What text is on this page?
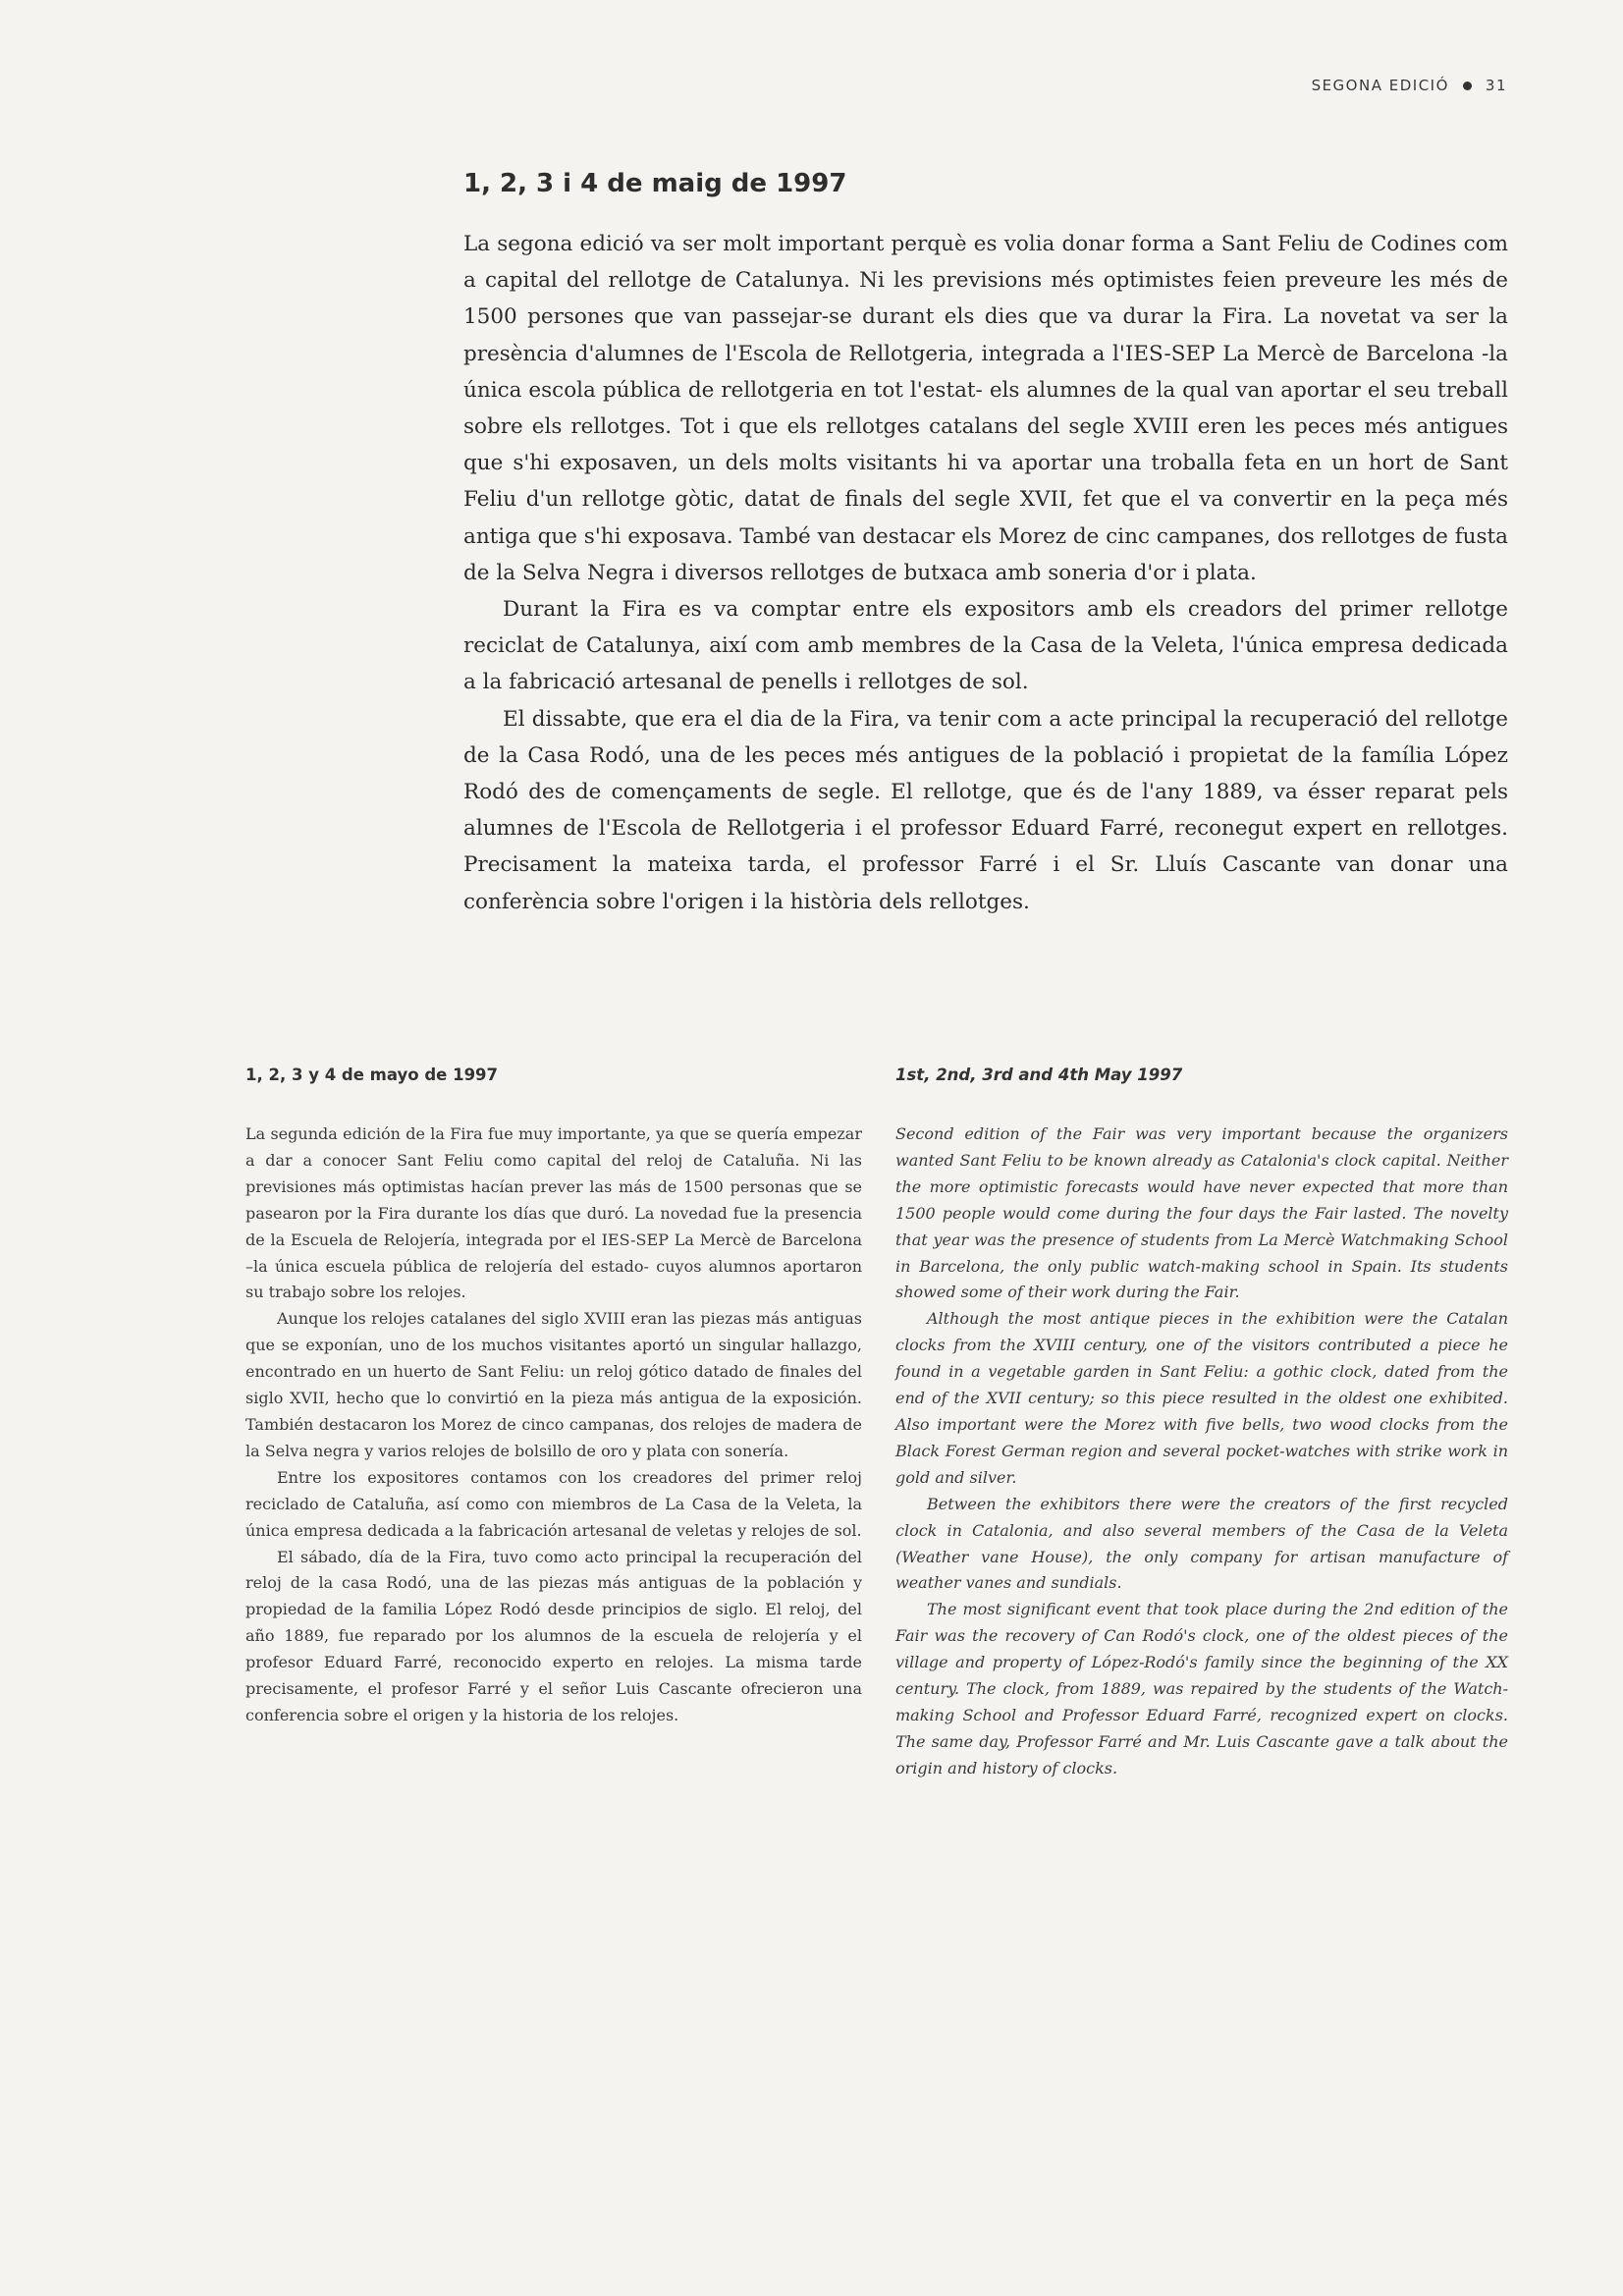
SEGONA EDICIÓ 31
1, 2, 3 i 4 de maig de 1997

La segona edició va ser molt important perquè es volia donar forma a Sant Feliu de Codines com a capital del rellotge de Catalunya. Ni les previsions més optimistes feien preveure les més de 1500 persones que van passejar-se durant els dies que va durar la Fira. La novetat va ser la presència d'alumnes de l'Escola de Rellotgeria, integrada a l'IES-SEP La Mercè de Barcelona -la única escola pública de rellotgeria en tot l'estat- els alumnes de la qual van aportar el seu treball sobre els rellotges. Tot i que els rellotges catalans del segle XVIII eren les peces més antigues que s'hi exposaven, un dels molts visitants hi va aportar una troballa feta en un hort de Sant Feliu d'un rellotge gòtic, datat de finals del segle XVII, fet que el va convertir en la peça més antiga que s'hi exposava. També van destacar els Morez de cinc campanes, dos rellotges de fusta de la Selva Negra i diversos rellotges de butxaca amb soneria d'or i plata.

Durant la Fira es va comptar entre els expositors amb els creadors del primer rellotge reciclat de Catalunya, així com amb membres de la Casa de la Veleta, l'única empresa dedicada a la fabricació artesanal de penells i rellotges de sol.

El dissabte, que era el dia de la Fira, va tenir com a acte principal la recuperació del rellotge de la Casa Rodó, una de les peces més antigues de la població i propietat de la família López Rodó des de començaments de segle. El rellotge, que és de l'any 1889, va ésser reparat pels alumnes de l'Escola de Rellotgeria i el professor Eduard Farré, reconegut expert en rellotges. Precisament la mateixa tarda, el professor Farré i el Sr. Lluís Cascante van donar una conferència sobre l'origen i la història dels rellotges.

1, 2, 3 y 4 de mayo de 1997

La segunda edición de la Fira fue muy importante, ya que se quería empezar a dar a conocer Sant Feliu como capital del reloj de Cataluña. Ni las previsiones más optimistas hacían prever las más de 1500 personas que se pasearon por la Fira durante los días que duró. La novedad fue la presencia de la Escuela de Relojería, integrada por el IES-SEP La Mercè de Barcelona –la única escuela pública de relojería del estado- cuyos alumnos aportaron su trabajo sobre los relojes.

Aunque los relojes catalanes del siglo XVIII eran las piezas más antiguas que se exponían, uno de los muchos visitantes aportó un singular hallazgo, encontrado en un huerto de Sant Feliu: un reloj gótico datado de finales del siglo XVII, hecho que lo convirtió en la pieza más antigua de la exposición. También destacaron los Morez de cinco campanas, dos relojes de madera de la Selva negra y varios relojes de bolsillo de oro y plata con sonería.

Entre los expositores contamos con los creadores del primer reloj reciclado de Cataluña, así como con miembros de La Casa de la Veleta, la única empresa dedicada a la fabricación artesanal de veletas y relojes de sol.

El sábado, día de la Fira, tuvo como acto principal la recuperación del reloj de la casa Rodó, una de las piezas más antiguas de la población y propiedad de la familia López Rodó desde principios de siglo. El reloj, del año 1889, fue reparado por los alumnos de la escuela de relojería y el profesor Eduard Farré, reconocido experto en relojes. La misma tarde precisamente, el profesor Farré y el señor Luis Cascante ofrecieron una conferencia sobre el origen y la historia de los relojes.

1st, 2nd, 3rd and 4th May 1997

Second edition of the Fair was very important because the organizers wanted Sant Feliu to be known already as Catalonia's clock capital. Neither the more optimistic forecasts would have never expected that more than 1500 people would come during the four days the Fair lasted. The novelty that year was the presence of students from La Mercè Watchmaking School in Barcelona, the only public watch-making school in Spain. Its students showed some of their work during the Fair.

Although the most antique pieces in the exhibition were the Catalan clocks from the XVIII century, one of the visitors contributed a piece he found in a vegetable garden in Sant Feliu: a gothic clock, dated from the end of the XVII century; so this piece resulted in the oldest one exhibited. Also important were the Morez with five bells, two wood clocks from the Black Forest German region and several pocket-watches with strike work in gold and silver.

Between the exhibitors there were the creators of the first recycled clock in Catalonia, and also several members of the Casa de la Veleta (Weather vane House), the only company for artisan manufacture of weather vanes and sundials.

The most significant event that took place during the 2nd edition of the Fair was the recovery of Can Rodó's clock, one of the oldest pieces of the village and property of López-Rodó's family since the beginning of the XX century. The clock, from 1889, was repaired by the students of the Watch-making School and Professor Eduard Farré, recognized expert on clocks. The same day, Professor Farré and Mr. Luis Cascante gave a talk about the origin and history of clocks.
